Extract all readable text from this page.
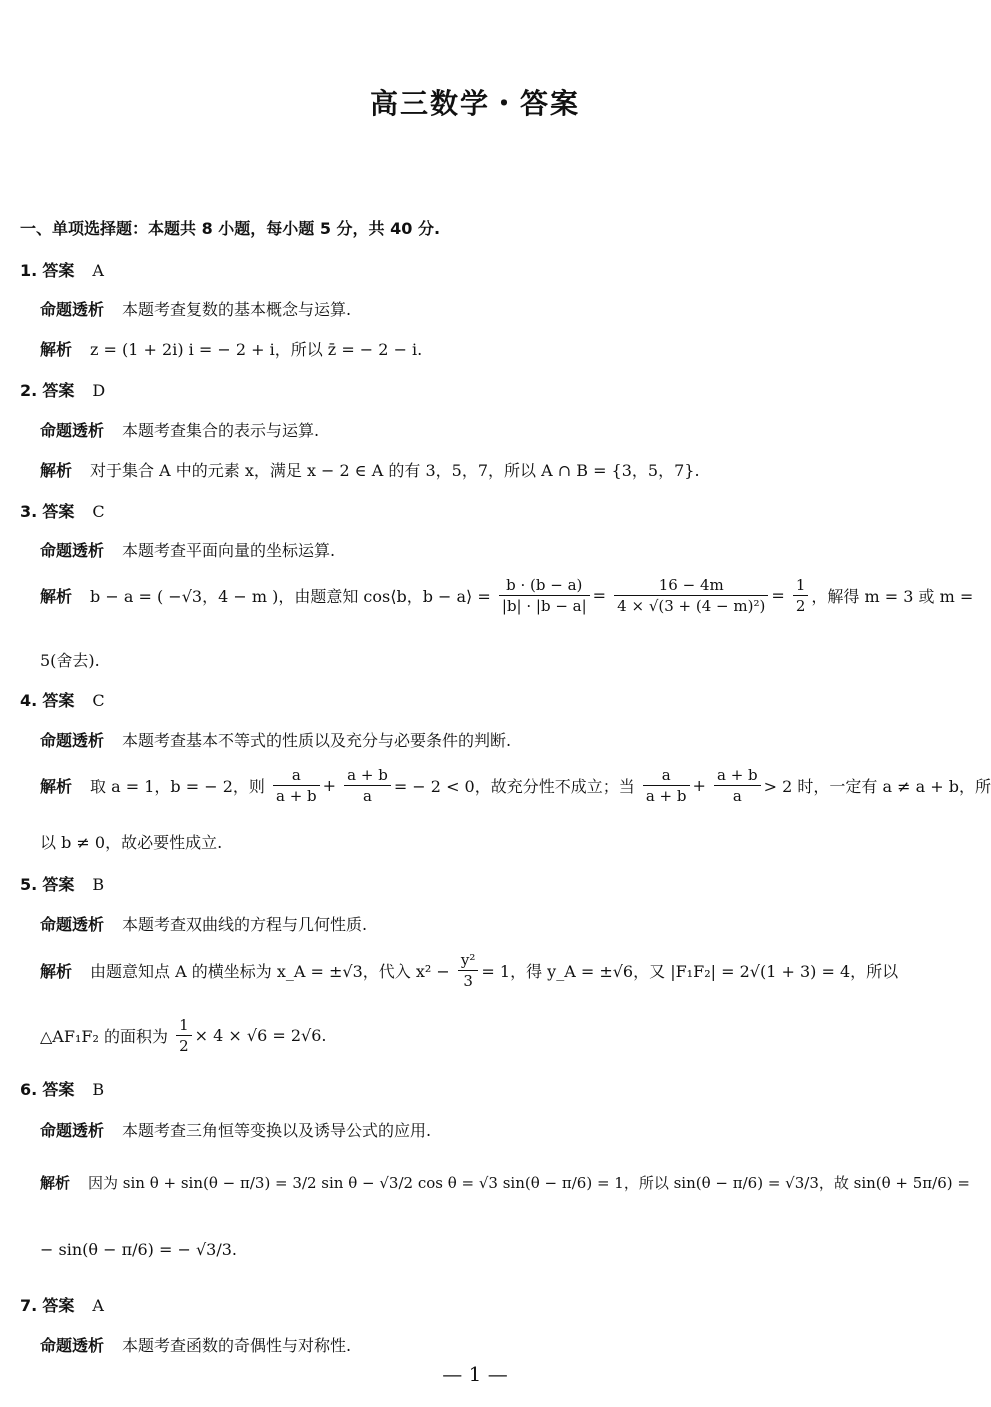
高三数学・答案
一、单项选择题：本题共 8 小题，每小题 5 分，共 40 分.
1. 答案 A
命题透析 本题考查复数的基本概念与运算.
解析 z = (1 + 2i) i = − 2 + i，所以 z̄ = − 2 − i.
2. 答案 D
命题透析 本题考查集合的表示与运算.
解析 对于集合 A 中的元素 x，满足 x − 2 ∈ A 的有 3，5，7，所以 A ∩ B = {3，5，7}.
3. 答案 C
命题透析 本题考查平面向量的坐标运算.
解析 b − a = ( −√3，4 − m )，由题意知 cos⟨b，b − a⟩ = $\frac{b \cdot (b - a)}{|b| \cdot |b - a|} = \frac{16 - 4m}{\text{4 × √(3 + (4 − m)²)}} = \frac{1}{2}$ ，解得 m = 3 或 m =
5(舍去).
4. 答案 C
命题透析 本题考查基本不等式的性质以及充分与必要条件的判断.
解析 取 a = 1，b = − 2，则 $\frac{a}{a + b} + \frac{a + b}{a}$ = − 2 < 0，故充分性不成立；当 $\frac{a}{a + b} + \frac{a + b}{a} > 2$ 时，一定有 a ≠ a + b，所
以 b ≠ 0，故必要性成立.
5. 答案 B
命题透析 本题考查双曲线的方程与几何性质.
解析 由题意知点 A 的横坐标为 x_A = ±√3，代入 $x^2 - \frac{\text{y²}}{3} = 1$，得 y_A = ±√6，又 |F₁F₂| = 2√(1 + 3) = 4，所以
△AF₁F₂ 的面积为 $\frac{1}{2} \times 4 \times √6 = 2√6$.
6. 答案 B
命题透析 本题考查三角恒等变换以及诱导公式的应用.
解析 因为 sin θ + sin(θ − π/3) = 3/2 sin θ − √3/2 cos θ = √3 sin(θ − π/6) = 1，所以 sin(θ − π/6) = √3/3，故 sin(θ + 5π/6) =
− sin(θ − π/6) = − √3/3.
7. 答案 A
命题透析 本题考查函数的奇偶性与对称性.
— 1 —
